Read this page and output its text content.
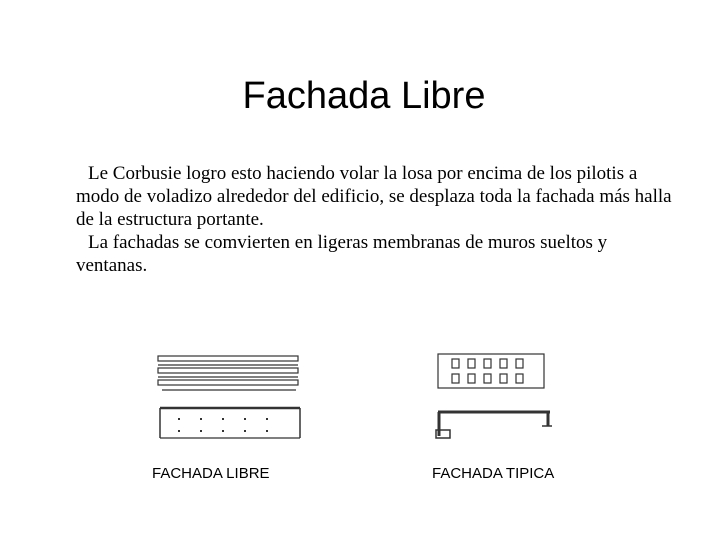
Fachada Libre

Le Corbusie logro esto haciendo volar la losa por encima de los pilotis a modo de voladizo alrededor del edificio, se desplaza toda la fachada más halla de la estructura portante.

La fachadas se comvierten en ligeras membranas de muros sueltos y ventanas.

FACHADA LIBRE	FACHADA TIPICA
